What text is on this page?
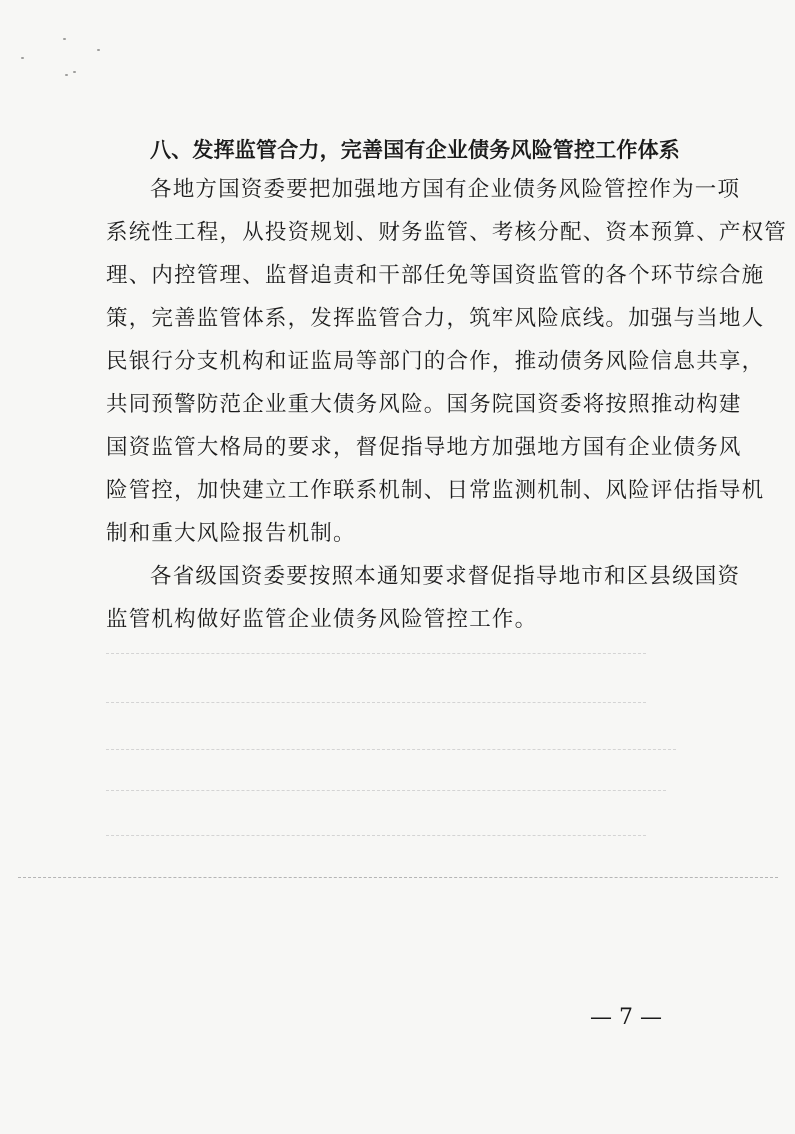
八、发挥监管合力，完善国有企业债务风险管控工作体系
各地方国资委要把加强地方国有企业债务风险管控作为一项
系统性工程，从投资规划、财务监管、考核分配、资本预算、产权管
理、内控管理、监督追责和干部任免等国资监管的各个环节综合施
策，完善监管体系，发挥监管合力，筑牢风险底线。加强与当地人
民银行分支机构和证监局等部门的合作，推动债务风险信息共享，
共同预警防范企业重大债务风险。国务院国资委将按照推动构建
国资监管大格局的要求，督促指导地方加强地方国有企业债务风
险管控，加快建立工作联系机制、日常监测机制、风险评估指导机
制和重大风险报告机制。
各省级国资委要按照本通知要求督促指导地市和区县级国资
监管机构做好监管企业债务风险管控工作。
— 7 —
